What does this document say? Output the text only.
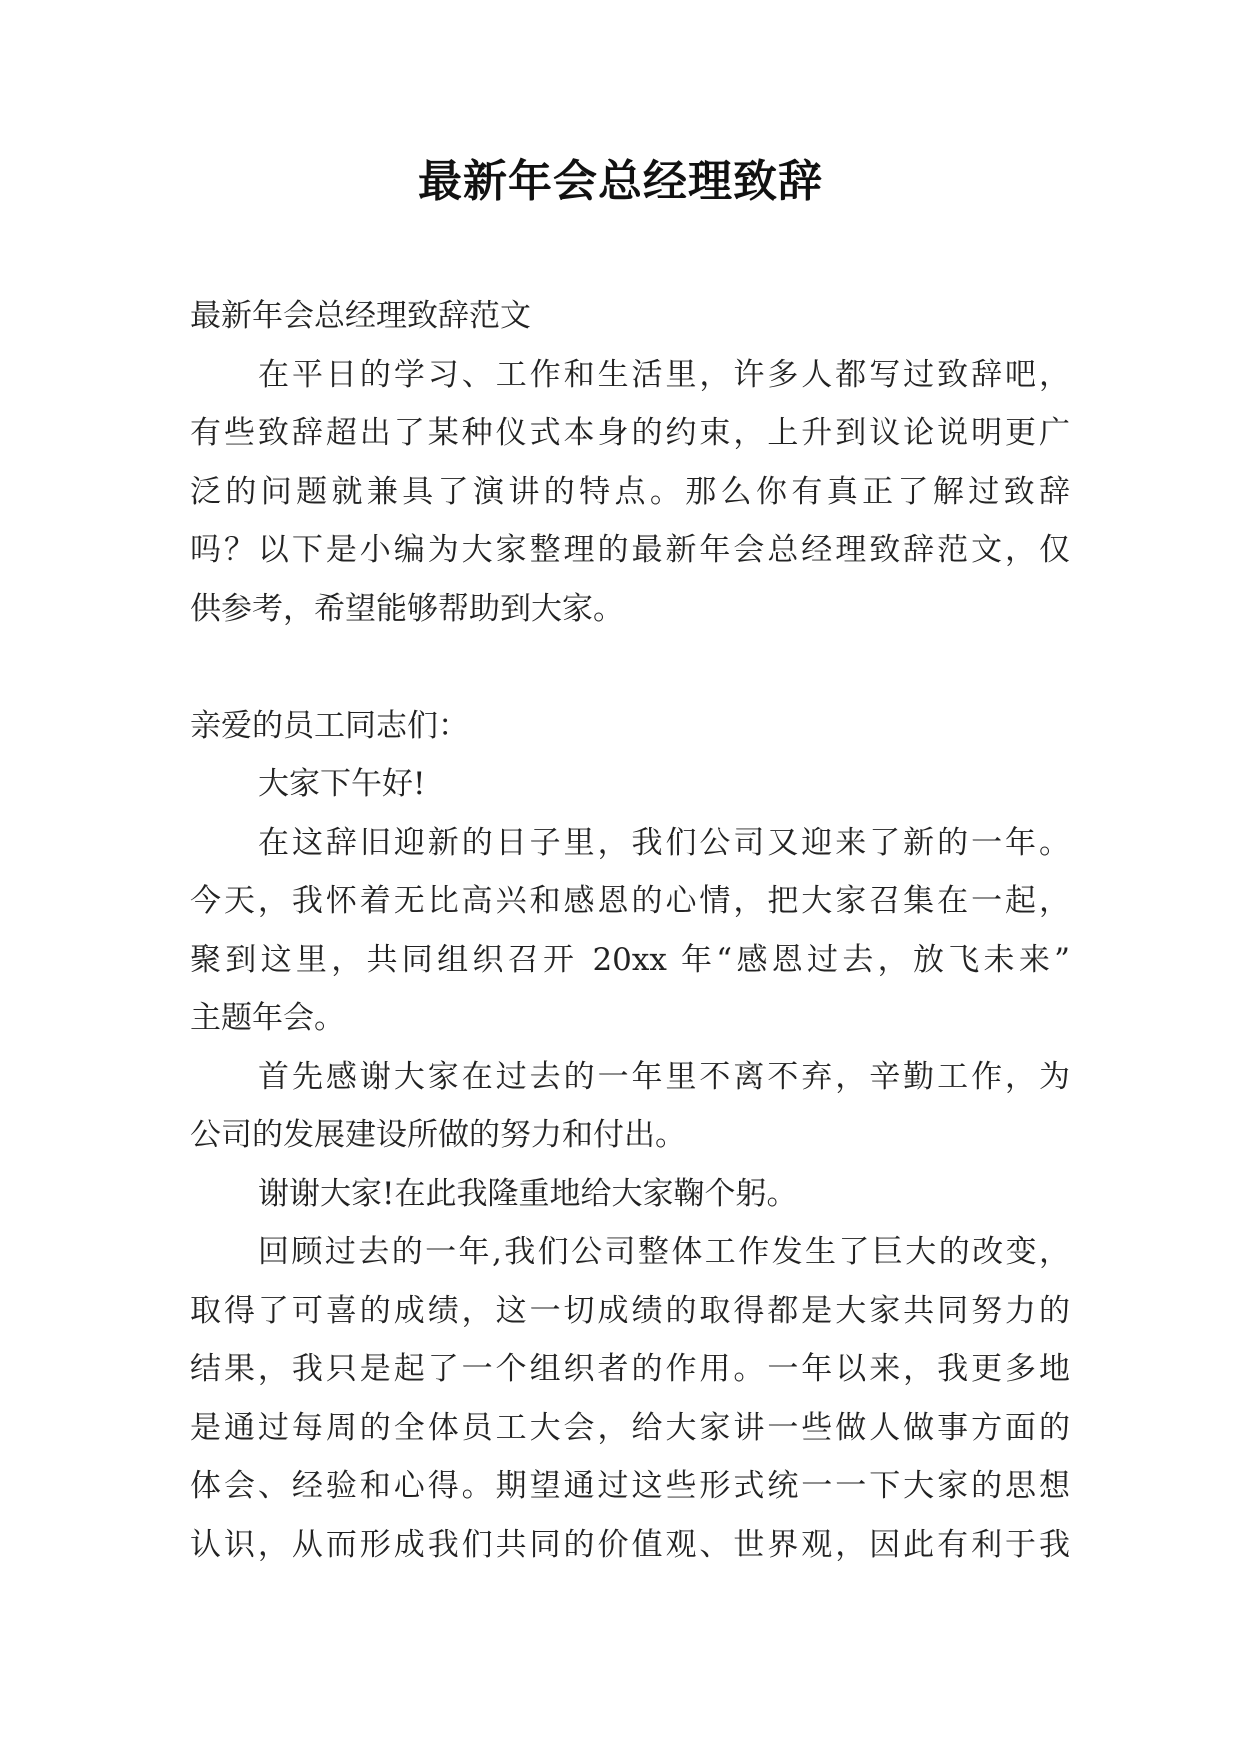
最新年会总经理致辞
最新年会总经理致辞范文
在平日的学习、工作和生活里，许多人都写过致辞吧，
有些致辞超出了某种仪式本身的约束，上升到议论说明更广
泛的问题就兼具了演讲的特点。那么你有真正了解过致辞
吗？以下是小编为大家整理的最新年会总经理致辞范文，仅
供参考，希望能够帮助到大家。
亲爱的员工同志们：
大家下午好!
在这辞旧迎新的日子里，我们公司又迎来了新的一年。
今天，我怀着无比高兴和感恩的心情，把大家召集在一起，
聚到这里，共同组织召开 20xx 年“感恩过去，放飞未来”
主题年会。
首先感谢大家在过去的一年里不离不弃，辛勤工作，为
公司的发展建设所做的努力和付出。
谢谢大家!在此我隆重地给大家鞠个躬。
回顾过去的一年,我们公司整体工作发生了巨大的改变，
取得了可喜的成绩，这一切成绩的取得都是大家共同努力的
结果，我只是起了一个组织者的作用。一年以来，我更多地
是通过每周的全体员工大会，给大家讲一些做人做事方面的
体会、经验和心得。期望通过这些形式统一一下大家的思想
认识，从而形成我们共同的价值观、世界观，因此有利于我
